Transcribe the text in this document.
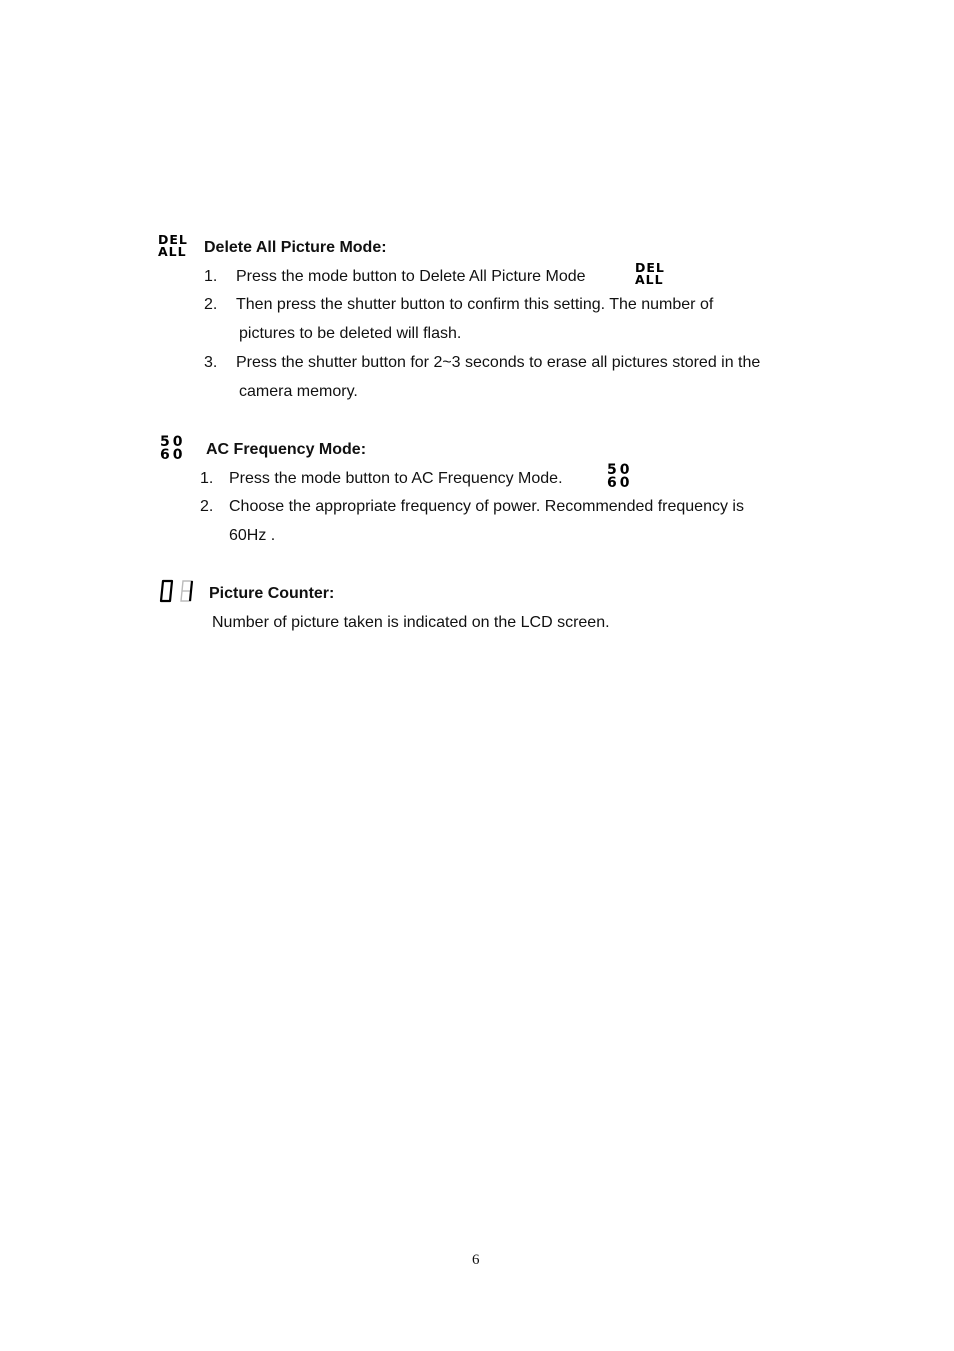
DEL
ALL Delete All Picture Mode:
1. Press the mode button to Delete All Picture Mode
DEL
ALL
2. Then press the shutter button to confirm this setting. The number of
pictures to be deleted will flash.
3. Press the shutter button for 2~3 seconds to erase all pictures stored in the
camera memory.
50
60 AC Frequency Mode:
1. Press the mode button to AC Frequency Mode.	50
60
2. Choose the appropriate frequency of power. Recommended frequency is
60Hz .
Picture Counter:
Number of picture taken is indicated on the LCD screen.
6
